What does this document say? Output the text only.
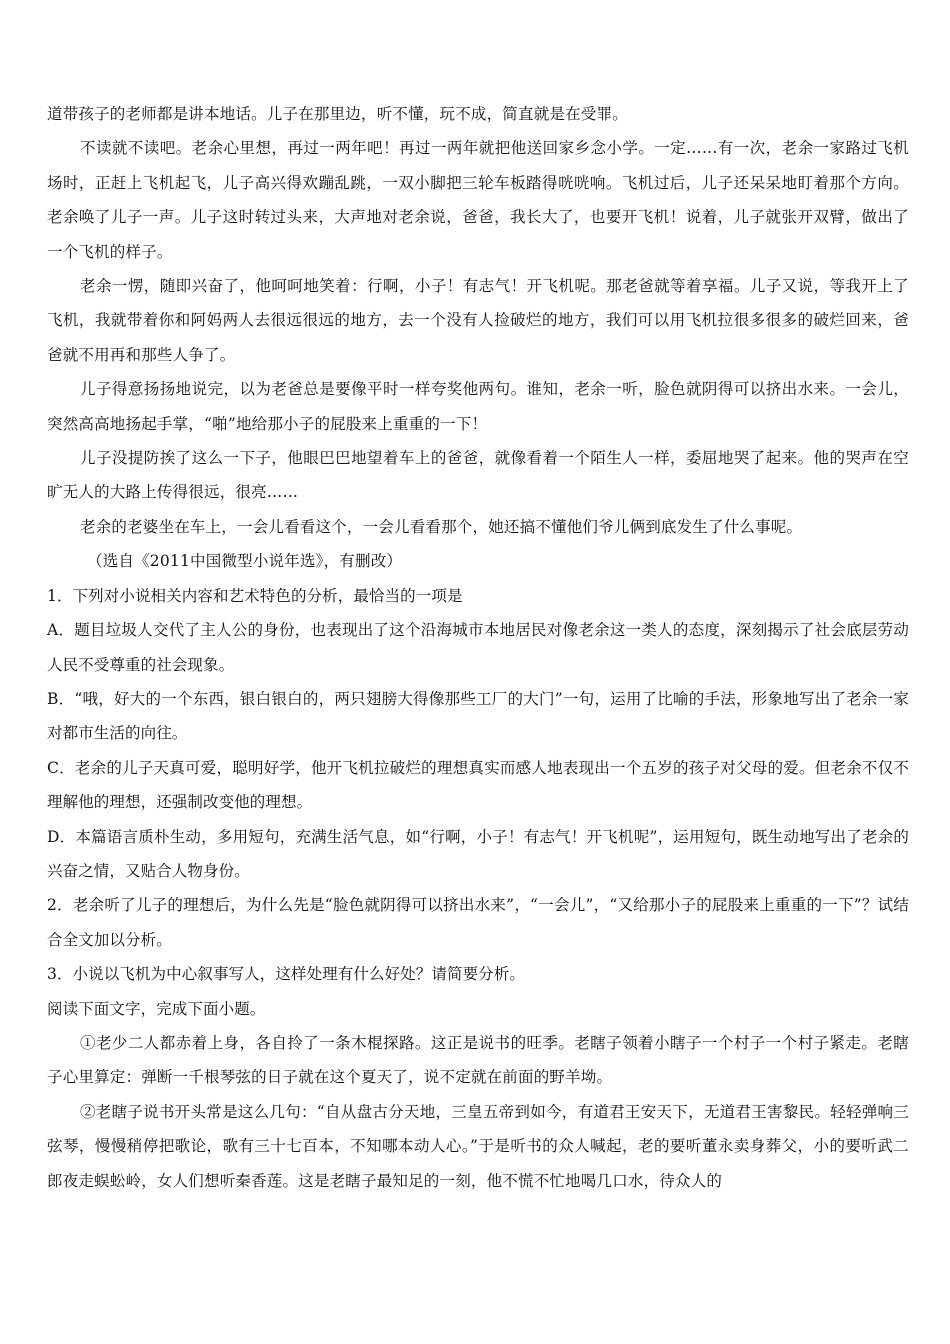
道带孩子的老师都是讲本地话。儿子在那里边，听不懂，玩不成，简直就是在受罪。

不读就不读吧。老余心里想，再过一两年吧！再过一两年就把他送回家乡念小学。一定……有一次，老余一家路过飞机场时，正赶上飞机起飞，儿子高兴得欢蹦乱跳，一双小脚把三轮车板踏得咣咣响。飞机过后，儿子还呆呆地盯着那个方向。老余唤了儿子一声。儿子这时转过头来，大声地对老余说，爸爸，我长大了，也要开飞机！说着，儿子就张开双臂，做出了一个飞机的样子。

老余一愣，随即兴奋了，他呵呵地笑着：行啊，小子！有志气！开飞机呢。那老爸就等着享福。儿子又说，等我开上了飞机，我就带着你和阿妈两人去很远很远的地方，去一个没有人捡破烂的地方，我们可以用飞机拉很多很多的破烂回来，爸爸就不用再和那些人争了。

儿子得意扬扬地说完，以为老爸总是要像平时一样夸奖他两句。谁知，老余一听，脸色就阴得可以挤出水来。一会儿，突然高高地扬起手掌，“啪”地给那小子的屁股来上重重的一下！

儿子没提防挨了这么一下子，他眼巴巴地望着车上的爸爸，就像看着一个陌生人一样，委屈地哭了起来。他的哭声在空旷无人的大路上传得很远，很亮……

老余的老婆坐在车上，一会儿看看这个，一会儿看看那个，她还搞不懂他们爷儿俩到底发生了什么事呢。

（选自《2011中国微型小说年选》，有删改）

1．下列对小说相关内容和艺术特色的分析，最恰当的一项是

A．题目垃圾人交代了主人公的身份，也表现出了这个沿海城市本地居民对像老余这一类人的态度，深刻揭示了社会底层劳动人民不受尊重的社会现象。

B．“哦，好大的一个东西，银白银白的，两只翅膀大得像那些工厂的大门”一句，运用了比喻的手法，形象地写出了老余一家对都市生活的向往。

C．老余的儿子天真可爱，聪明好学，他开飞机拉破烂的理想真实而感人地表现出一个五岁的孩子对父母的爱。但老余不仅不理解他的理想，还强制改变他的理想。

D．本篇语言质朴生动，多用短句，充满生活气息，如“行啊，小子！有志气！开飞机呢”，运用短句，既生动地写出了老余的兴奋之情，又贴合人物身份。

2．老余听了儿子的理想后，为什么先是“脸色就阴得可以挤出水来”，“一会儿”，“又给那小子的屁股来上重重的一下”？试结合全文加以分析。

3．小说以飞机为中心叙事写人，这样处理有什么好处？请简要分析。

阅读下面文字，完成下面小题。

①老少二人都赤着上身，各自拎了一条木棍探路。这正是说书的旺季。老瞎子领着小瞎子一个村子一个村子紧走。老瞎子心里算定：弹断一千根琴弦的日子就在这个夏天了，说不定就在前面的野羊坳。

②老瞎子说书开头常是这么几句：“自从盘古分天地，三皇五帝到如今，有道君王安天下，无道君王害黎民。轻轻弹响三弦琴，慢慢稍停把歌论，歌有三十七百本，不知哪本动人心。”于是听书的众人喊起，老的要听董永卖身葬父，小的要听武二郎夜走蜈蚣岭，女人们想听秦香莲。这是老瞎子最知足的一刻，他不慌不忙地喝几口水，待众人的
